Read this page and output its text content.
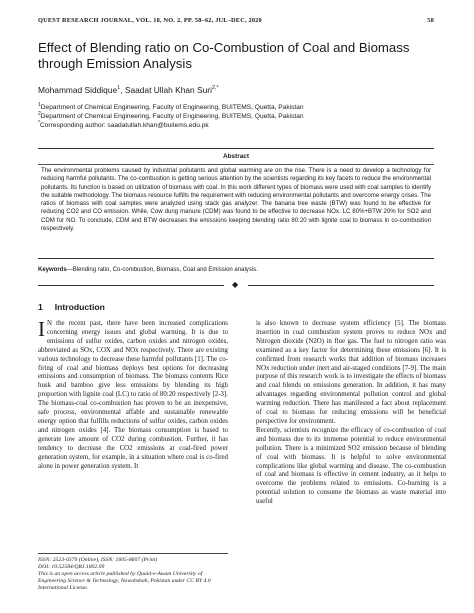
QUEST RESEARCH JOURNAL, VOL. 18, NO. 2, PP. 58–62, JUL–DEC, 2020	58
Effect of Blending ratio on Co-Combustion of Coal and Biomass through Emission Analysis
Mohammad Siddique$^1$, Saadat Ullah Khan Suri$^{2,*}$
$^1$Department of Chemical Engineering, Faculty of Engineering, BUITEMS, Quetta, Pakistan
$^2$Department of Chemical Engineering, Faculty of Engineering, BUITEMS, Quetta, Pakistan
*Corresponding author: saadatullah.khan@buitems.edu.pk
Abstract
The environmental problems caused by industrial pollutants and global warming are on the rise. There is a need to develop a technology for reducing harmful pollutants. The co-combustion is getting serious attention by the scientists regarding its key facets to reduce the environmental pollutants. Its function is based on utilization of biomass with coal. In this work different types of biomass were used with coal samples to identify the suitable methodology. The biomass resource fulfills the requirement with reducing environmental pollutants and overcome energy crises. The ratios of biomass with coal samples were analyzed using stack gas analyzer. The banana tree waste (BTW) was found to be effective for reducing CO2 and CO emission. While, Cow dung manure (CDM) was found to be effective to decrease NOx. LC 80%+BTW 20% for SO2 and CDM for NO. To conclude, CDM and BTW decreases the emissions keeping blending ratio 80:20 with lignite coal to biomass in co-combustion respectively.
Keywords—Blending ratio, Co-combustion, Biomass, Coal and Emission analysis.
◆
1 Introduction

I N the recent past, there have been increased complications concerning energy issues and global warming. It is due to emissions of sulfur oxides, carbon oxides and nitrogen oxides, abbreviated as SOx, COX and NOx respectively. There are existing various technology to decrease these harmful pollutants [1]. The co-firing of coal and biomass deploys best options for decreasing emissions and consumption of biomass. The biomass contents Rice husk and bamboo give less emissions by blending its high proportion with lignite coal (LC) to ratio of 80:20 respectively [2-3]. The biomass-coal co-combustion has proven to be an inexpensive, safe process, environmental affable and sustainable renewable energy option that fulfills reductions of sulfur oxides, carbon oxides and nitrogen oxides [4]. The biomass consumption is based to generate low amount of CO2 during combustion. Further, it has tendency to decrease the CO2 emissions at coal-fired power generation system, for example, in a situation where coal is co-fired alone in power generation system. It

is also known to decrease system efficiency [5]. The biomass insertion in coal combustion system proves to reduce NOx and Nitrogen dioxide (N2O) in flue gas. The fuel to nitrogen ratio was examined as a key factor for determining these emissions [6]. It is confirmed from research works that addition of biomass increases NOx reduction under inert and air-staged conditions [7-9]. The main purpose of this research work is to investigate the effects of biomass and coal blends on emissions generation. In addition, it has many advantages regarding environmental pollution control and global warming reduction. There has manifested a fact about replacement of coal to biomass for reducing emissions will be beneficial perspective for environment.

Recently, scientists recognize the efficacy of co-combustion of coal and biomass due to its immense potential to reduce environmental pollution. There is a minimized SO2 emission because of blending of coal with biomass. It is helpful to solve environmental complications like global warming and disease. The co-combustion of coal and biomass is effective in cement industry, as it helps to overcome the problems related to emissions. Co-burning is a potential solution to consume the biomass as waste material into useful

ISSN: 2523-0379 (Online), ISSN: 1605-8607 (Print)
DOI: 10.52584/QRJ.1802.09
This is an open access article published by Quaid-e-Awam University of Engineering Science & Technology, Nawabshah, Pakistan under CC BY 4.0 International License.
